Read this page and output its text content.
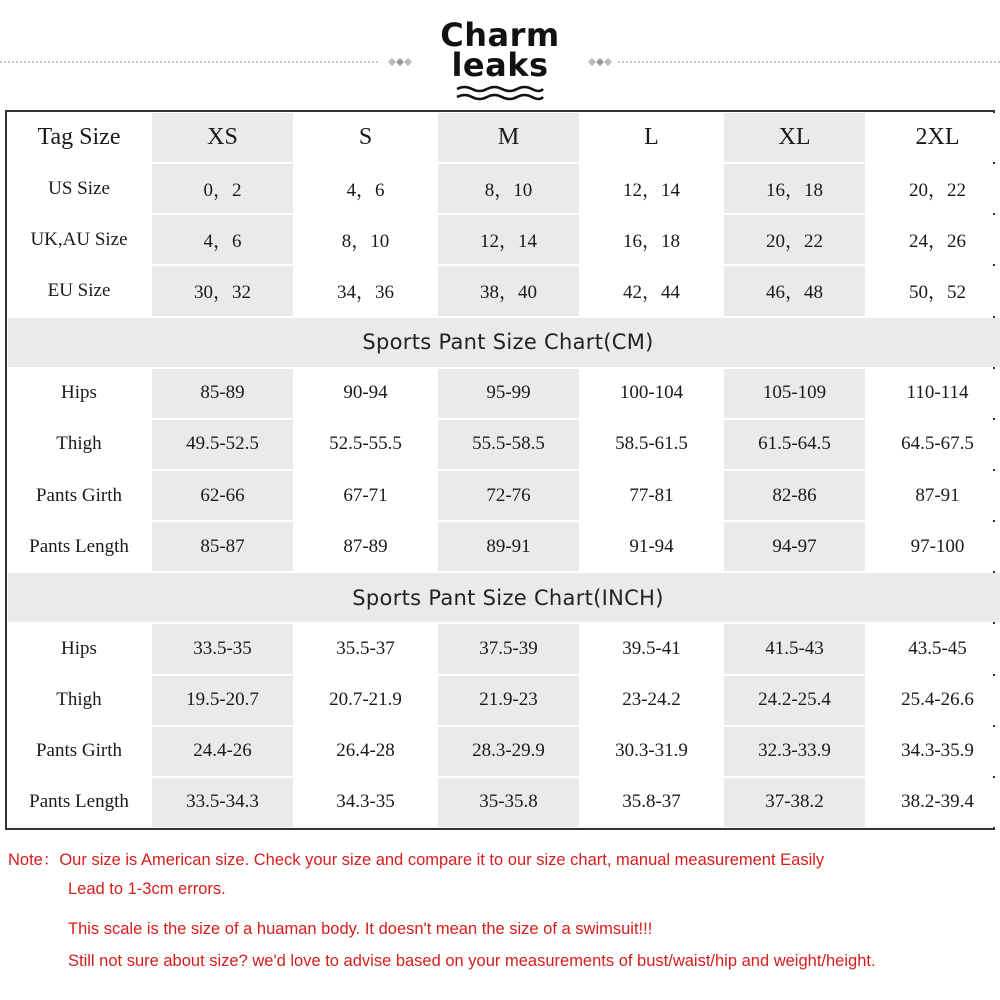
Charm
leaks
Tag Size	XS	S	M	L	XL	2XL
US Size	0，2	4，6	8，10	12，14	16，18	20，22
UK,AU Size	4，6	8，10	12，14	16，18	20，22	24，26
EU Size	30，32	34，36	38，40	42，44	46，48	50，52
Sports Pant Size Chart(CM)
Hips	85-89	90-94	95-99	100-104	105-109	110-114
Thigh	49.5-52.5	52.5-55.5	55.5-58.5	58.5-61.5	61.5-64.5	64.5-67.5
Pants Girth	62-66	67-71	72-76	77-81	82-86	87-91
Pants Length	85-87	87-89	89-91	91-94	94-97	97-100
Sports Pant Size Chart(INCH)
Hips	33.5-35	35.5-37	37.5-39	39.5-41	41.5-43	43.5-45
Thigh	19.5-20.7	20.7-21.9	21.9-23	23-24.2	24.2-25.4	25.4-26.6
Pants Girth	24.4-26	26.4-28	28.3-29.9	30.3-31.9	32.3-33.9	34.3-35.9
Pants Length	33.5-34.3	34.3-35	35-35.8	35.8-37	37-38.2	38.2-39.4
Note：Our size is American size. Check your size and compare it to our size chart, manual measurement Easily
Lead to 1-3cm errors.
This scale is the size of a huaman body. It doesn't mean the size of a swimsuit!!!
Still not sure about size? we'd love to advise based on your measurements of bust/waist/hip and weight/height.
